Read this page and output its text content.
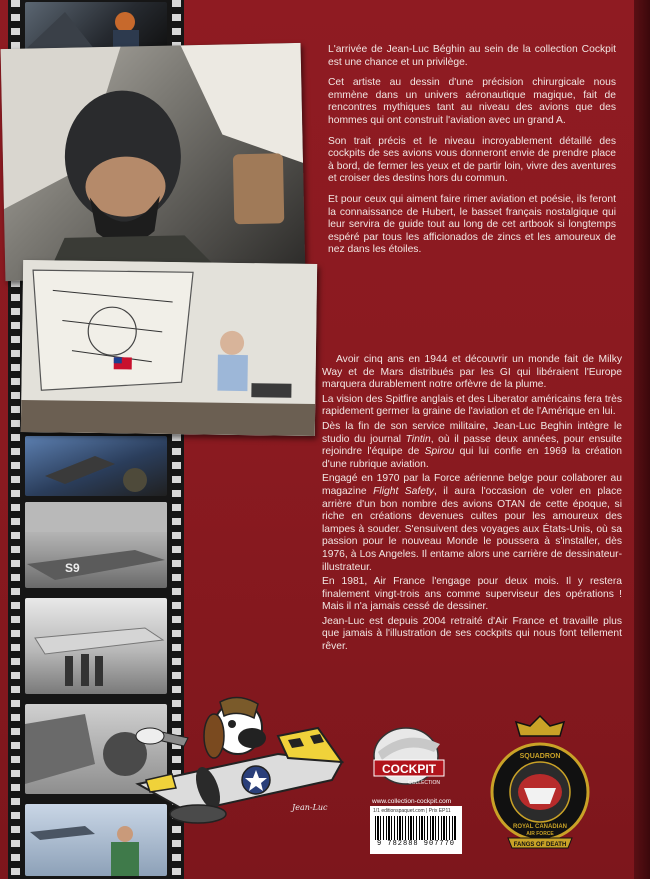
S9

L'arrivée de Jean-Luc Béghin au sein de la collection Cockpit est une chance et un privilège.

Cet artiste au dessin d'une précision chirurgicale nous emmène dans un univers aéronautique magique, fait de rencontres mythiques tant au niveau des avions que des hommes qui ont construit l'aviation avec un grand A.

Son trait précis et le niveau incroyablement détaillé des cockpits de ses avions vous donneront envie de prendre place à bord, de fermer les yeux et de partir loin, vivre des aventures et croiser des destins hors du commun.

Et pour ceux qui aiment faire rimer aviation et poésie, ils feront la connaissance de Hubert, le basset français nostalgique qui leur servira de guide tout au long de cet artbook si longtemps espéré par tous les afficionados de zincs et les amoureux de nez dans les étoiles.

Avoir cinq ans en 1944 et découvrir un monde fait de Milky Way et de Mars distribués par les GI qui libéraient l'Europe marquera durablement notre orfèvre de la plume.

La vision des Spitfire anglais et des Liberator américains fera très rapidement germer la graine de l'aviation et de l'Amérique en lui.

Dès la fin de son service militaire, Jean-Luc Beghin intègre le studio du journal Tintin, où il passe deux années, pour ensuite rejoindre l'équipe de Spirou qui lui confie en 1969 la création d'une rubrique aviation.

Engagé en 1970 par la Force aérienne belge pour collaborer au magazine Flight Safety, il aura l'occasion de voler en place arrière d'un bon nombre des avions OTAN de cette époque, si riche en créations devenues cultes pour les amoureux des lampes à souder. S'ensuivent des voyages aux États-Unis, où sa passion pour le nouveau Monde le poussera à s'installer, dès 1976, à Los Angeles. Il entame alors une carrière de dessinateur-illustrateur.

En 1981, Air France l'engage pour deux mois. Il y restera finalement vingt-trois ans comme superviseur des opérations ! Mais il n'a jamais cessé de dessiner.

Jean-Luc est depuis 2004 retraité d'Air France et travaille plus que jamais à l'illustration de ses cockpits qui nous font tellement rêver.

Jean-Luc
COCKPIT
COLLECTION
www.collection-cockpit.com
1/1 editionspaquet.com | Prix EP11
9 782888 907770
SQUADRON
ROYAL CANADIAN
AIR FORCE
FANGS OF DEATH
